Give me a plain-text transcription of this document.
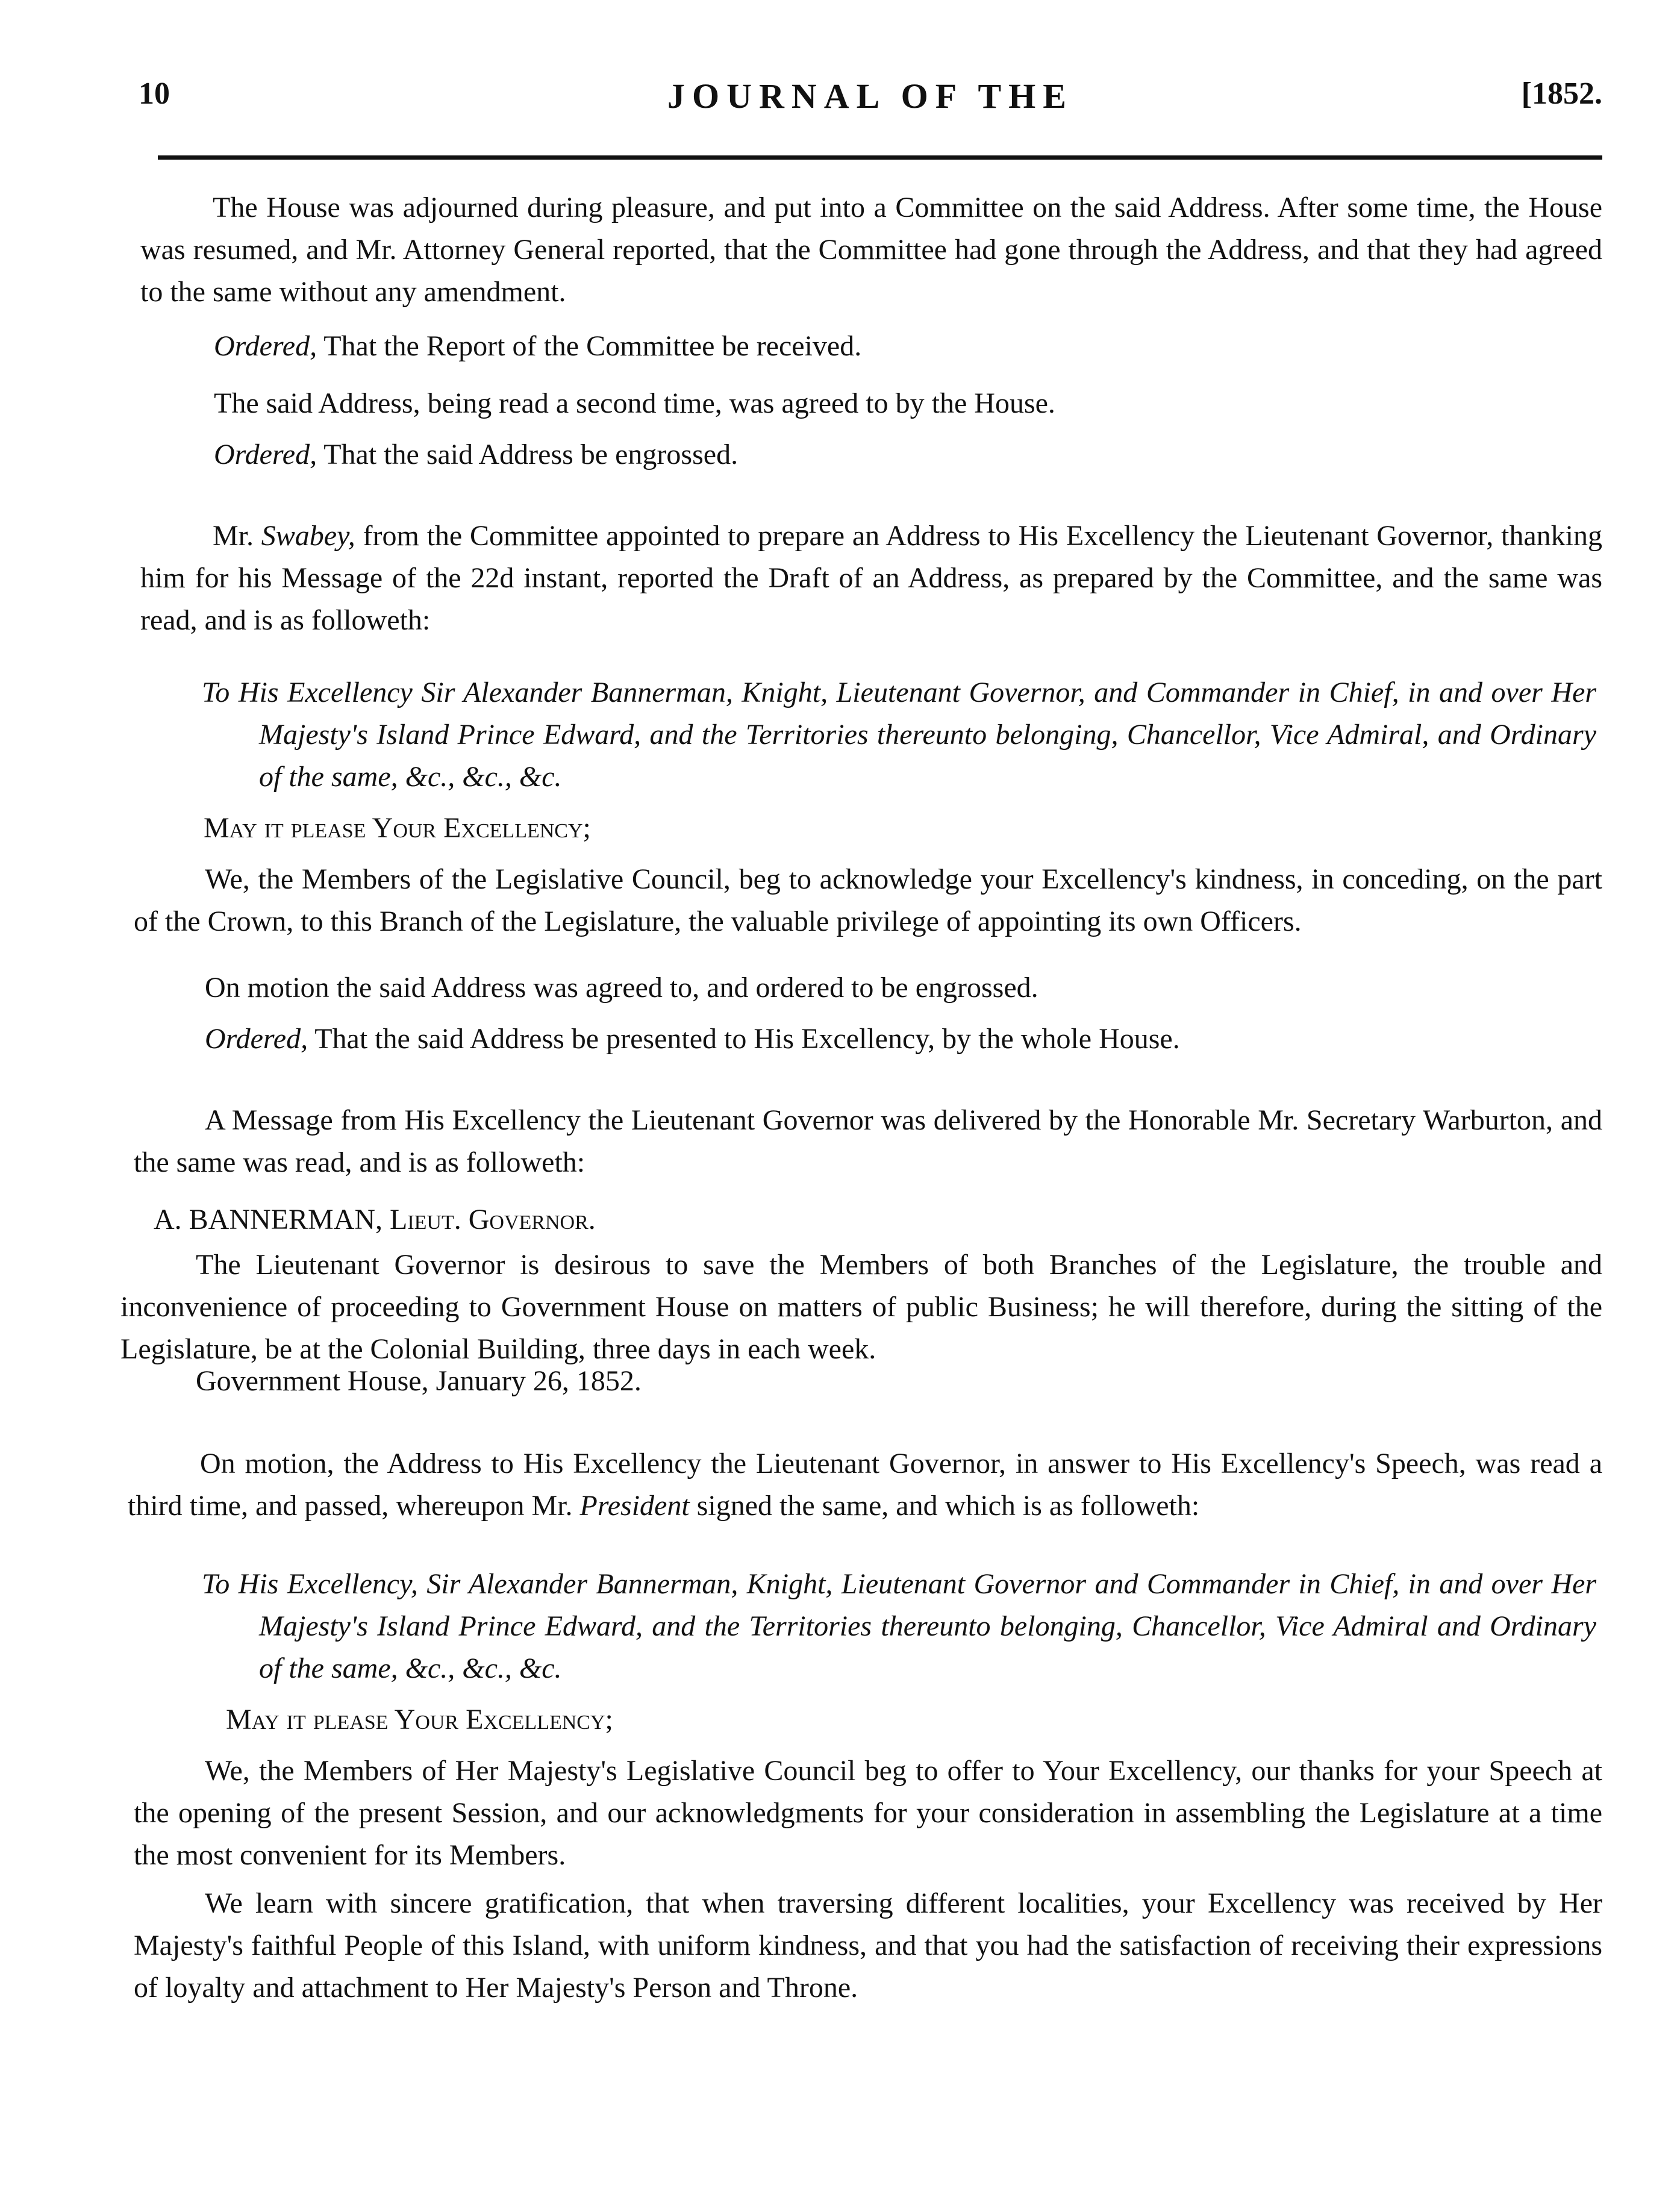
10	JOURNAL OF THE	[1852.

The House was adjourned during pleasure, and put into a Committee on the said Address. After some time, the House was resumed, and Mr. Attorney General reported, that the Committee had gone through the Address, and that they had agreed to the same without any amendment.

Ordered, That the Report of the Committee be received.

The said Address, being read a second time, was agreed to by the House.

Ordered, That the said Address be engrossed.

Mr. Swabey, from the Committee appointed to prepare an Address to His Excellency the Lieutenant Governor, thanking him for his Message of the 22d instant, reported the Draft of an Address, as prepared by the Committee, and the same was read, and is as followeth:

To His Excellency Sir Alexander Bannerman, Knight, Lieutenant Governor, and Commander in Chief, in and over Her Majesty's Island Prince Edward, and the Territories thereunto belonging, Chancellor, Vice Admiral, and Ordinary of the same, &c., &c., &c.

May it please Your Excellency;

We, the Members of the Legislative Council, beg to acknowledge your Excellency's kindness, in conceding, on the part of the Crown, to this Branch of the Legislature, the valuable privilege of appointing its own Officers.

On motion the said Address was agreed to, and ordered to be engrossed.

Ordered, That the said Address be presented to His Excellency, by the whole House.

A Message from His Excellency the Lieutenant Governor was delivered by the Honorable Mr. Secretary Warburton, and the same was read, and is as followeth:

A. BANNERMAN, Lieut. Governor.

The Lieutenant Governor is desirous to save the Members of both Branches of the Legislature, the trouble and inconvenience of proceeding to Government House on matters of public Business; he will therefore, during the sitting of the Legislature, be at the Colonial Building, three days in each week.

Government House, January 26, 1852.

On motion, the Address to His Excellency the Lieutenant Governor, in answer to His Excellency's Speech, was read a third time, and passed, whereupon Mr. President signed the same, and which is as followeth:

To His Excellency, Sir Alexander Bannerman, Knight, Lieutenant Governor and Commander in Chief, in and over Her Majesty's Island Prince Edward, and the Territories thereunto belonging, Chancellor, Vice Admiral and Ordinary of the same, &c., &c., &c.

May it please Your Excellency;

We, the Members of Her Majesty's Legislative Council beg to offer to Your Excellency, our thanks for your Speech at the opening of the present Session, and our acknowledgments for your consideration in assembling the Legislature at a time the most convenient for its Members.

We learn with sincere gratification, that when traversing different localities, your Excellency was received by Her Majesty's faithful People of this Island, with uniform kindness, and that you had the satisfaction of receiving their expressions of loyalty and attachment to Her Majesty's Person and Throne.
